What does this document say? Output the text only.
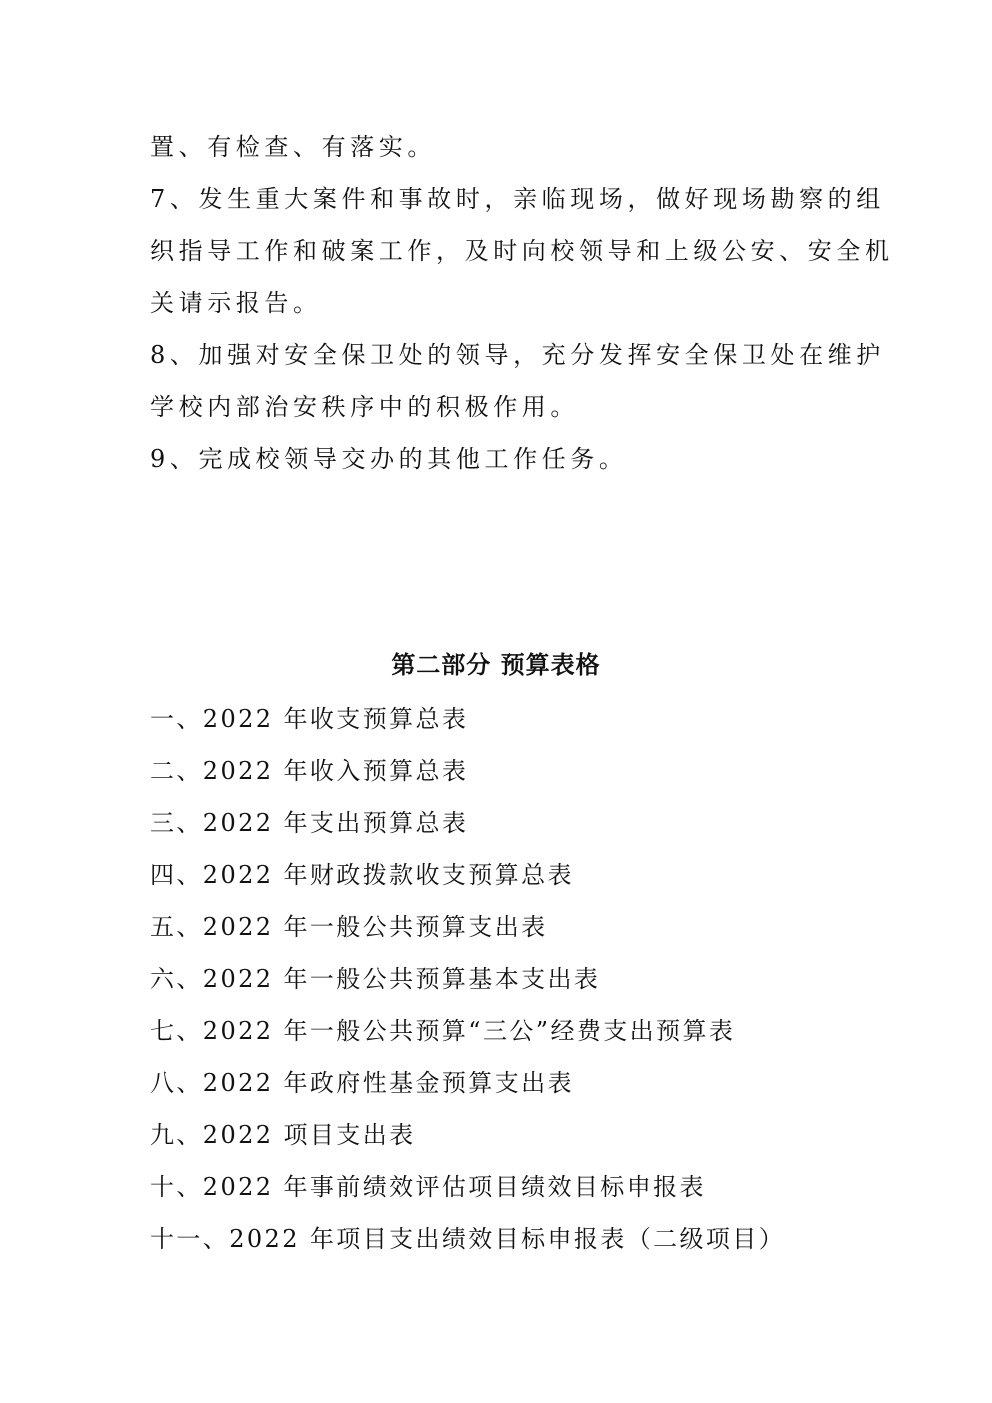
置、有检查、有落实。
7、发生重大案件和事故时，亲临现场，做好现场勘察的组
织指导工作和破案工作，及时向校领导和上级公安、安全机
关请示报告。
8、加强对安全保卫处的领导，充分发挥安全保卫处在维护
学校内部治安秩序中的积极作用。
9、完成校领导交办的其他工作任务。
第二部分 预算表格
一、2022 年收支预算总表
二、2022 年收入预算总表
三、2022 年支出预算总表
四、2022 年财政拨款收支预算总表
五、2022 年一般公共预算支出表
六、2022 年一般公共预算基本支出表
七、2022 年一般公共预算“三公”经费支出预算表
八、2022 年政府性基金预算支出表
九、2022 项目支出表
十、2022 年事前绩效评估项目绩效目标申报表
十一、2022 年项目支出绩效目标申报表（二级项目）
